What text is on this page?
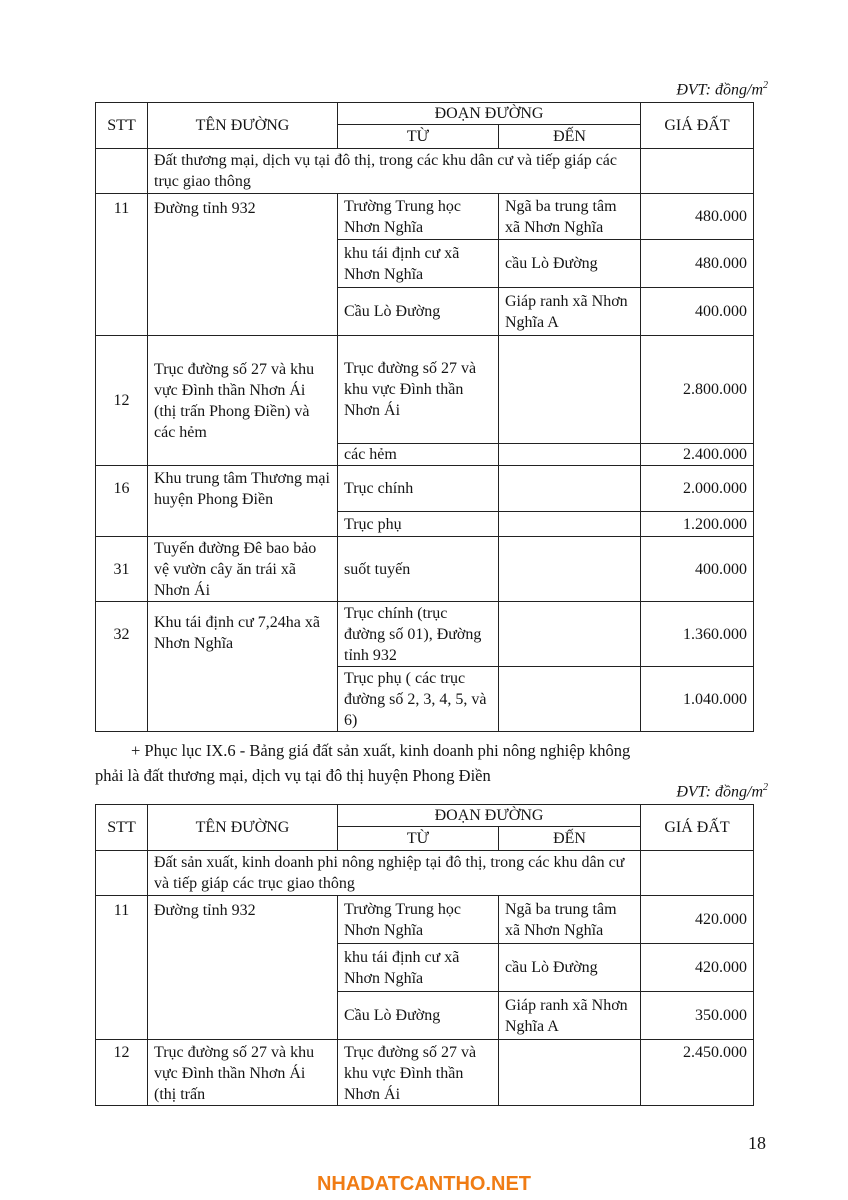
ĐVT: đồng/$m^2$
STT	TÊN ĐƯỜNG	ĐOẠN ĐƯỜNG		GIÁ ĐẤT
		TỪ	ĐẾN	
	Đất thương mại, dịch vụ tại đô thị, trong các khu dân cư và tiếp giáp các trục giao thông			
11	Đường tỉnh 932	Trường Trung học Nhơn Nghĩa	Ngã ba trung tâm xã Nhơn Nghĩa	480.000
		khu tái định cư xã Nhơn Nghĩa	cầu Lò Đường	480.000
		Cầu Lò Đường	Giáp ranh xã Nhơn Nghĩa A	400.000
12	Trục đường số 27 và khu vực Đình thần Nhơn Ái (thị trấn Phong Điền) và các hẻm	Trục đường số 27 và khu vực Đình thần Nhơn Ái		2.800.000
		các hẻm		2.400.000
16	Khu trung tâm Thương mại huyện Phong Điền	Trục chính		2.000.000
		Trục phụ		1.200.000
31	Tuyến đường Đê bao bảo vệ vườn cây ăn trái xã Nhơn Ái	suốt tuyến		400.000
32	Khu tái định cư 7,24ha xã Nhơn Nghĩa	Trục chính (trục đường số 01), Đường tỉnh 932		1.360.000
		Trục phụ ( các trục đường số 2, 3, 4, 5, và 6)		1.040.000
+ Phục lục IX.6 - Bảng giá đất sản xuất, kinh doanh phi nông nghiệp không
phải là đất thương mại, dịch vụ tại đô thị huyện Phong Điền
ĐVT: đồng/$m^2$
STT	TÊN ĐƯỜNG	ĐOẠN ĐƯỜNG		GIÁ ĐẤT
		TỪ	ĐẾN	
	Đất sản xuất, kinh doanh phi nông nghiệp tại đô thị, trong các khu dân cư và tiếp giáp các trục giao thông			
11	Đường tỉnh 932	Trường Trung học Nhơn Nghĩa	Ngã ba trung tâm xã Nhơn Nghĩa	420.000
		khu tái định cư xã Nhơn Nghĩa	cầu Lò Đường	420.000
		Cầu Lò Đường	Giáp ranh xã Nhơn Nghĩa A	350.000
12	Trục đường số 27 và khu vực Đình thần Nhơn Ái (thị trấn	Trục đường số 27 và khu vực Đình thần Nhơn Ái		2.450.000
18
NHADATCANTHO.NET
